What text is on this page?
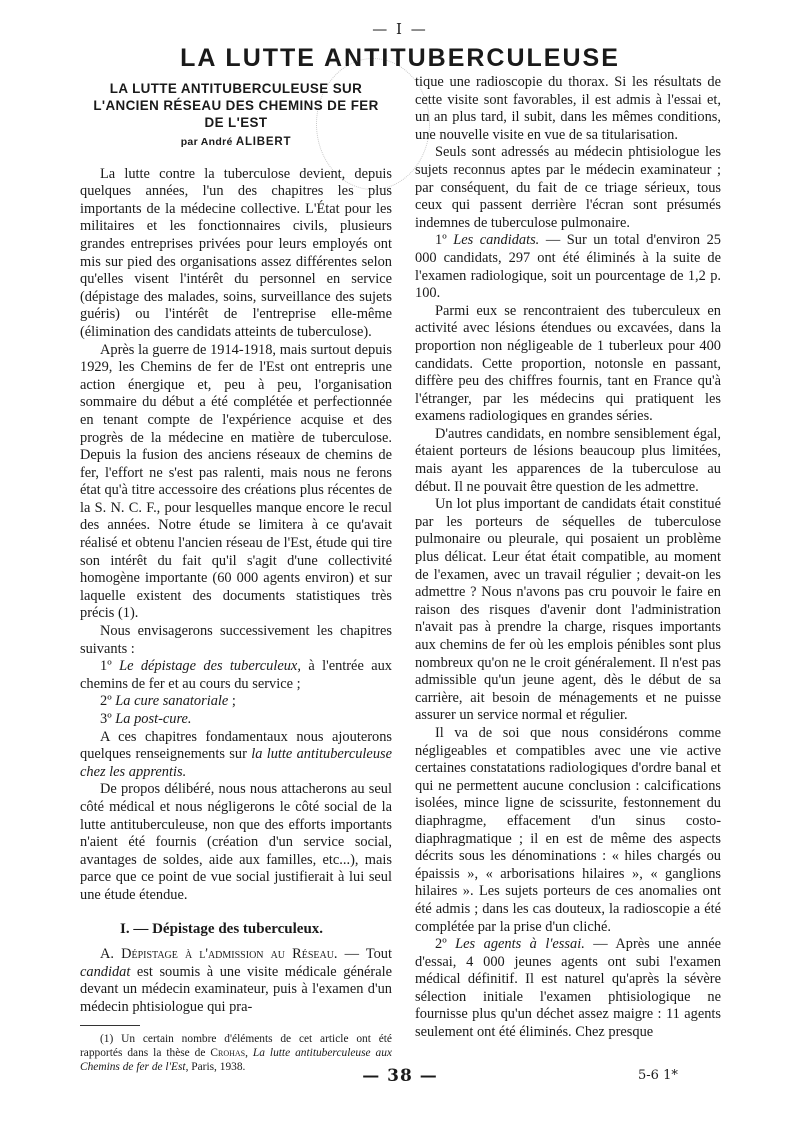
— I —
LA LUTTE ANTITUBERCULEUSE
LA LUTTE ANTITUBERCULEUSE SUR
L'ANCIEN RÉSEAU DES CHEMINS DE FER
DE L'EST
par André ALIBERT

La lutte contre la tuberculose devient, depuis quelques années, l'un des chapitres les plus importants de la médecine collective. L'État pour les militaires et les fonctionnaires civils, plusieurs grandes entreprises privées pour leurs employés ont mis sur pied des organisations assez différentes selon qu'elles visent l'intérêt du personnel en service (dépistage des malades, soins, surveillance des sujets guéris) ou l'intérêt de l'entreprise elle-même (élimination des candidats atteints de tuberculose).

Après la guerre de 1914-1918, mais surtout depuis 1929, les Chemins de fer de l'Est ont entrepris une action énergique et, peu à peu, l'organisation sommaire du début a été complétée et perfectionnée en tenant compte de l'expérience acquise et des progrès de la médecine en matière de tuberculose. Depuis la fusion des anciens réseaux de chemins de fer, l'effort ne s'est pas ralenti, mais nous ne ferons état qu'à titre accessoire des créations plus récentes de la S. N. C. F., pour lesquelles manque encore le recul des années. Notre étude se limitera à ce qu'avait réalisé et obtenu l'ancien réseau de l'Est, étude qui tire son intérêt du fait qu'il s'agit d'une collectivité homogène importante (60 000 agents environ) et sur laquelle existent des documents statistiques très précis (1).

Nous envisagerons successivement les chapitres suivants :

1º Le dépistage des tuberculeux, à l'entrée aux chemins de fer et au cours du service ;

2º La cure sanatoriale ;

3º La post-cure.

A ces chapitres fondamentaux nous ajouterons quelques renseignements sur la lutte antituberculeuse chez les apprentis.

De propos délibéré, nous nous attacherons au seul côté médical et nous négligerons le côté social de la lutte antituberculeuse, non que des efforts importants n'aient été fournis (création d'un service social, avantages de soldes, aide aux familles, etc...), mais parce que ce point de vue social justifierait à lui seul une étude étendue.

I. — Dépistage des tuberculeux.

A. Dépistage à l'admission au Réseau. — Tout candidat est soumis à une visite médicale générale devant un médecin examinateur, puis à l'examen d'un médecin phtisiologue qui pra-

(1) Un certain nombre d'éléments de cet article ont été rapportés dans la thèse de Crohas, La lutte antituberculeuse aux Chemins de fer de l'Est, Paris, 1938.

tique une radioscopie du thorax. Si les résultats de cette visite sont favorables, il est admis à l'essai et, un an plus tard, il subit, dans les mêmes conditions, une nouvelle visite en vue de sa titularisation.

Seuls sont adressés au médecin phtisiologue les sujets reconnus aptes par le médecin examinateur ; par conséquent, du fait de ce triage sérieux, tous ceux qui passent derrière l'écran sont présumés indemnes de tuberculose pulmonaire.

1º Les candidats. — Sur un total d'environ 25 000 candidats, 297 ont été éliminés à la suite de l'examen radiologique, soit un pourcentage de 1,2 p. 100.

Parmi eux se rencontraient des tuberculeux en activité avec lésions étendues ou excavées, dans la proportion non négligeable de 1 tuberleux pour 400 candidats. Cette proportion, notonsle en passant, diffère peu des chiffres fournis, tant en France qu'à l'étranger, par les médecins qui pratiquent les examens radiologiques en grandes séries.

D'autres candidats, en nombre sensiblement égal, étaient porteurs de lésions beaucoup plus limitées, mais ayant les apparences de la tuberculose au début. Il ne pouvait être question de les admettre.

Un lot plus important de candidats était constitué par les porteurs de séquelles de tuberculose pulmonaire ou pleurale, qui posaient un problème plus délicat. Leur état était compatible, au moment de l'examen, avec un travail régulier ; devait-on les admettre ? Nous n'avons pas cru pouvoir le faire en raison des risques d'avenir dont l'administration n'avait pas à prendre la charge, risques importants aux chemins de fer où les emplois pénibles sont plus nombreux qu'on ne le croit généralement. Il n'est pas admissible qu'un jeune agent, dès le début de sa carrière, ait besoin de ménagements et ne puisse assurer un service normal et régulier.

Il va de soi que nous considérons comme négligeables et compatibles avec une vie active certaines constatations radiologiques d'ordre banal et qui ne permettent aucune conclusion : calcifications isolées, mince ligne de scissurite, festonnement du diaphragme, effacement d'un sinus costo-diaphragmatique ; il en est de même des aspects décrits sous les dénominations : « hiles chargés ou épaissis », « arborisations hilaires », « ganglions hilaires ». Les sujets porteurs de ces anomalies ont été admis ; dans les cas douteux, la radioscopie a été complétée par la prise d'un cliché.

2º Les agents à l'essai. — Après une année d'essai, 4 000 jeunes agents ont subi l'examen médical définitif. Il est naturel qu'après la sévère sélection initiale l'examen phtisiologique ne fournisse plus qu'un déchet assez maigre : 11 agents seulement ont été éliminés. Chez presque

— 38 —	5-6 1*
